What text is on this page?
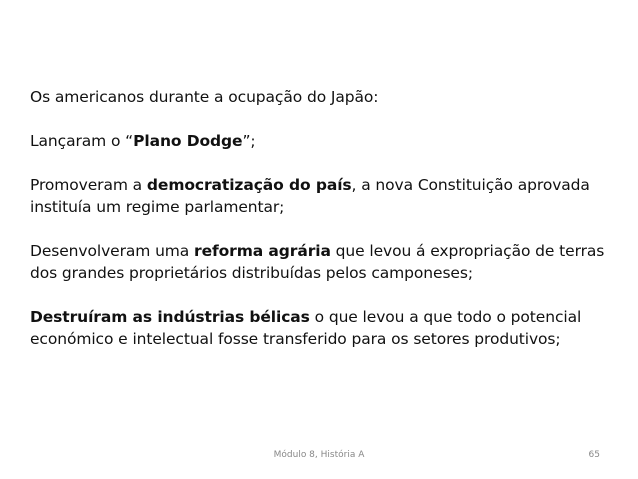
Os americanos durante a ocupação do Japão:

Lançaram o “Plano Dodge”;

Promoveram a democratização do país, a nova Constituição aprovada instituía um regime parlamentar;

Desenvolveram uma reforma agrária que levou á expropriação de terras dos grandes proprietários distribuídas pelos camponeses;

Destruíram as indústrias bélicas o que levou a que todo o potencial económico e intelectual fosse transferido para os setores produtivos;

Módulo 8, História A	65
